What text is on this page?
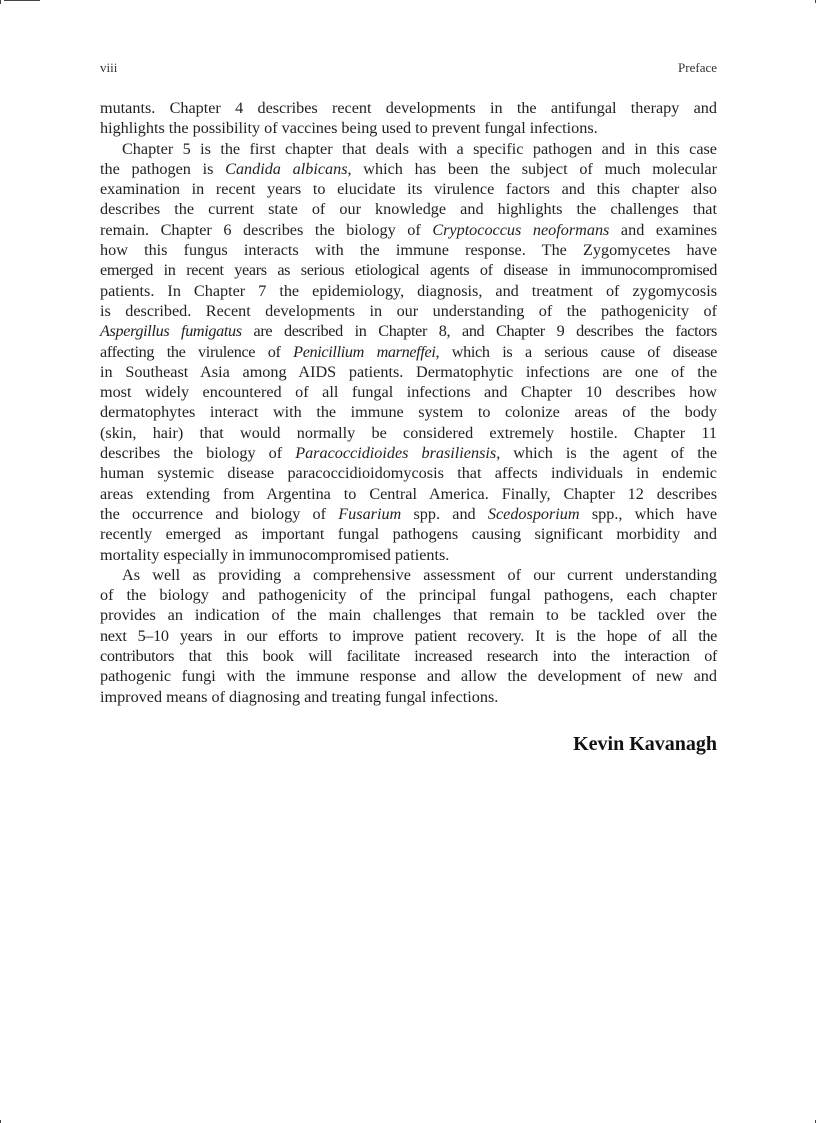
viii	Preface

mutants. Chapter 4 describes recent developments in the antifungal therapy and
highlights the possibility of vaccines being used to prevent fungal infections.

Chapter 5 is the first chapter that deals with a specific pathogen and in this case
the pathogen is Candida albicans, which has been the subject of much molecular
examination in recent years to elucidate its virulence factors and this chapter also
describes the current state of our knowledge and highlights the challenges that
remain. Chapter 6 describes the biology of Cryptococcus neoformans and examines
how this fungus interacts with the immune response. The Zygomycetes have
emerged in recent years as serious etiological agents of disease in immunocompromised
patients. In Chapter 7 the epidemiology, diagnosis, and treatment of zygomycosis
is described. Recent developments in our understanding of the pathogenicity of
Aspergillus fumigatus are described in Chapter 8, and Chapter 9 describes the factors
affecting the virulence of Penicillium marneffei, which is a serious cause of disease
in Southeast Asia among AIDS patients. Dermatophytic infections are one of the
most widely encountered of all fungal infections and Chapter 10 describes how
dermatophytes interact with the immune system to colonize areas of the body
(skin, hair) that would normally be considered extremely hostile. Chapter 11
describes the biology of Paracoccidioides brasiliensis, which is the agent of the
human systemic disease paracoccidioidomycosis that affects individuals in endemic
areas extending from Argentina to Central America. Finally, Chapter 12 describes
the occurrence and biology of Fusarium spp. and Scedosporium spp., which have
recently emerged as important fungal pathogens causing significant morbidity and
mortality especially in immunocompromised patients.

As well as providing a comprehensive assessment of our current understanding
of the biology and pathogenicity of the principal fungal pathogens, each chapter
provides an indication of the main challenges that remain to be tackled over the
next 5–10 years in our efforts to improve patient recovery. It is the hope of all the
contributors that this book will facilitate increased research into the interaction of
pathogenic fungi with the immune response and allow the development of new and
improved means of diagnosing and treating fungal infections.

Kevin Kavanagh
